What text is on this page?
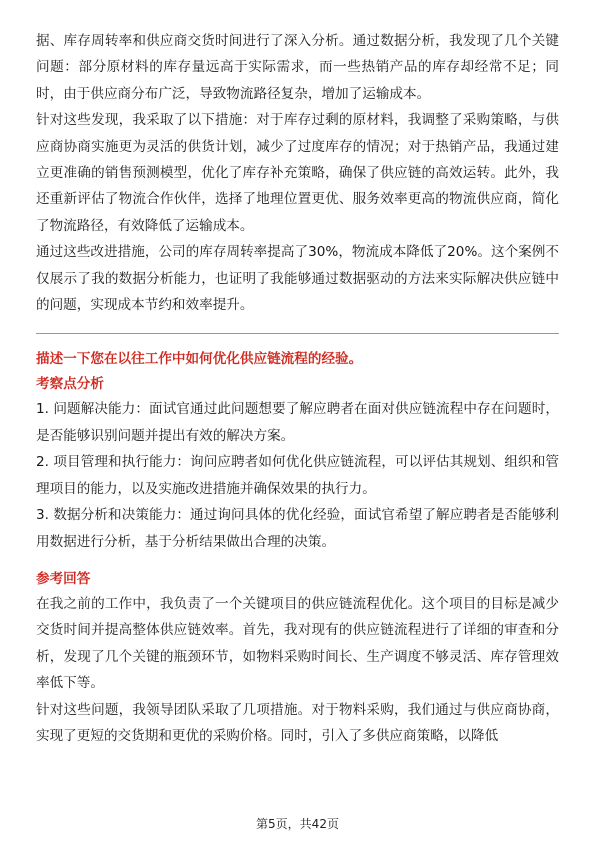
据、库存周转率和供应商交货时间进行了深入分析。通过数据分析，我发现了几个关键问题：部分原材料的库存量远高于实际需求，而一些热销产品的库存却经常不足；同时，由于供应商分布广泛，导致物流路径复杂，增加了运输成本。

针对这些发现，我采取了以下措施：对于库存过剩的原材料，我调整了采购策略，与供应商协商实施更为灵活的供货计划，减少了过度库存的情况；对于热销产品，我通过建立更准确的销售预测模型，优化了库存补充策略，确保了供应链的高效运转。此外，我还重新评估了物流合作伙伴，选择了地理位置更优、服务效率更高的物流供应商，简化了物流路径，有效降低了运输成本。

通过这些改进措施，公司的库存周转率提高了30%，物流成本降低了20%。这个案例不仅展示了我的数据分析能力，也证明了我能够通过数据驱动的方法来实际解决供应链中的问题，实现成本节约和效率提升。

描述一下您在以往工作中如何优化供应链流程的经验。

考察点分析

1. 问题解决能力：面试官通过此问题想要了解应聘者在面对供应链流程中存在问题时，是否能够识别问题并提出有效的解决方案。

2. 项目管理和执行能力：询问应聘者如何优化供应链流程，可以评估其规划、组织和管理项目的能力，以及实施改进措施并确保效果的执行力。

3. 数据分析和决策能力：通过询问具体的优化经验，面试官希望了解应聘者是否能够利用数据进行分析，基于分析结果做出合理的决策。

参考回答

在我之前的工作中，我负责了一个关键项目的供应链流程优化。这个项目的目标是减少交货时间并提高整体供应链效率。首先，我对现有的供应链流程进行了详细的审查和分析，发现了几个关键的瓶颈环节，如物料采购时间长、生产调度不够灵活、库存管理效率低下等。

针对这些问题，我领导团队采取了几项措施。对于物料采购，我们通过与供应商协商，实现了更短的交货期和更优的采购价格。同时，引入了多供应商策略，以降低

第5页，共42页
